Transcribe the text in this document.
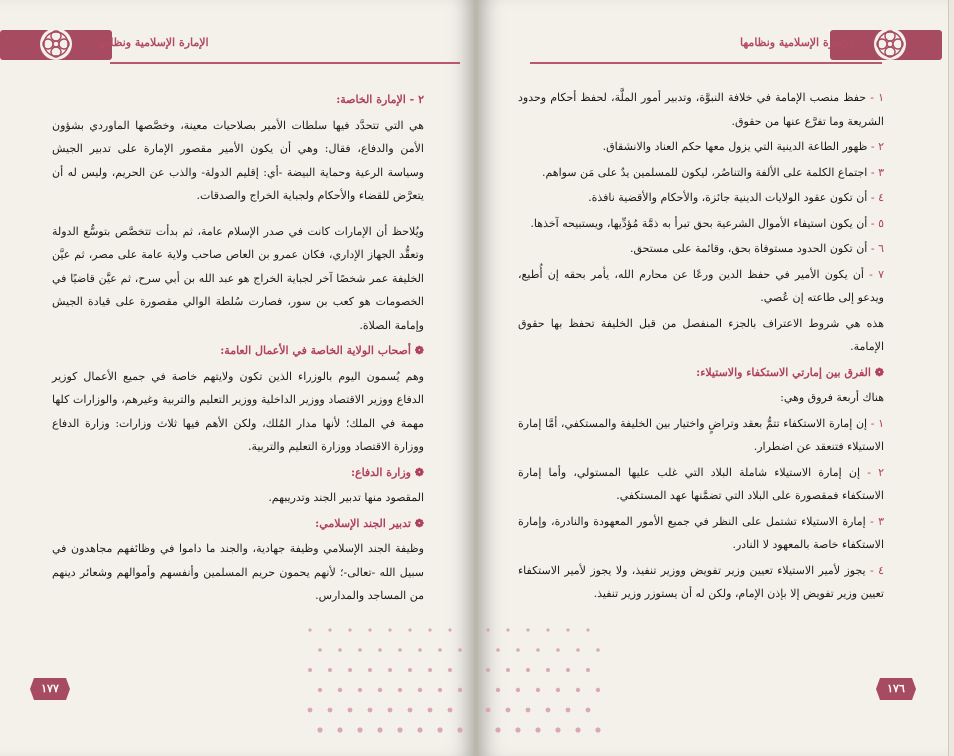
الإمارة الإسلامية ونظامها

٢ - الإمارة الخاصة:

هي التي تتحدَّد فيها سلطات الأمير بصلاحيات معينة، وخصَّصها الماوردي بشؤون الأمن والدفاع، فقال: وهي أن يكون الأمير مقصور الإمارة على تدبير الجيش وسياسة الرعية وحماية البيضة -أي: إقليم الدولة- والذب عن الحريم، وليس له أن يتعرَّض للقضاء والأحكام ولجباية الخراج والصدقات.

ويُلاحظ أن الإمارات كانت في صدر الإسلام عامة، ثم بدأت تتخصَّص بتوسُّع الدولة وتعقُّد الجهاز الإداري، فكان عمرو بن العاص صاحب ولاية عامة على مصر، ثم عيَّن الخليفة عمر شخصًا آخر لجباية الخراج هو عبد الله بن أبي سرح، ثم عيَّن قاضيًا في الخصومات هو كعب بن سور، فصارت سُلطة الوالي مقصورة على قيادة الجيش وإمامة الصلاة.

❁ أصحاب الولاية الخاصة في الأعمال العامة:

وهم يُسمون اليوم بالوزراء الذين تكون ولايتهم خاصة في جميع الأعمال كوزير الدفاع ووزير الاقتصاد ووزير الداخلية ووزير التعليم والتربية وغيرهم، والوزارات كلها مهمة في الملك؛ لأنها مدار المُلك، ولكن الأهم فيها ثلاث وزارات: وزارة الدفاع ووزارة الاقتصاد ووزارة التعليم والتربية.

❁ وزارة الدفاع:

المقصود منها تدبير الجند وتدريبهم.

❁ تدبير الجند الإسلامي:

وظيفة الجند الإسلامي وظيفة جهادية، والجند ما داموا في وظائفهم مجاهدون في سبيل الله -تعالى-؛ لأنهم يحمون حريم المسلمين وأنفسهم وأموالهم وشعائر دينهم من المساجد والمدارس.

١٧٧
الإمارة الإسلامية ونظامها

١ - حفظ منصب الإمامة في خلافة النبوَّة، وتدبير أمور الملَّة، لحفظ أحكام وحدود الشريعة وما تفرَّع عنها من حقوق.

٢ - ظهور الطاعة الدينية التي يزول معها حكم العناد والانشقاق.

٣ - اجتماع الكلمة على الألفة والتناصُر، ليكون للمسلمين يدٌ على مَن سواهم.

٤ - أن تكون عقود الولايات الدينية جائزة، والأحكام والأقضية نافذة.

٥ - أن يكون استيفاء الأموال الشرعية بحق تبرأ به ذمَّة مُؤدِّيها، ويستبيحه آخذها.

٦ - أن تكون الحدود مستوفاة بحق، وقائمة على مستحق.

٧ - أن يكون الأمير في حفظ الدين ورعًا عن محارم الله، يأمر بحقه إن أُطيع، ويدعو إلى طاعته إن عُصي.

هذه هي شروط الاعتراف بالجزء المنفصل من قبل الخليفة تحفظ بها حقوق الإمامة.

❁ الفرق بين إمارتي الاستكفاء والاستيلاء:

هناك أربعة فروق وهي:

١ - إن إمارة الاستكفاء تتمُّ بعقد وتراضٍ واختيار بين الخليفة والمستكفي، أمَّا إمارة الاستيلاء فتنعقد عن اضطرار.

٢ - إن إمارة الاستيلاء شاملة البلاد التي غلب عليها المستولي، وأما إمارة الاستكفاء فمقصورة على البلاد التي تضمَّنها عهد المستكفي.

٣ - إمارة الاستيلاء تشتمل على النظر في جميع الأمور المعهودة والنادرة، وإمارة الاستكفاء خاصة بالمعهود لا النادر.

٤ - يجوز لأمير الاستيلاء تعيين وزير تفويض ووزير تنفيذ، ولا يجوز لأمير الاستكفاء تعيين وزير تفويض إلا بإذن الإمام، ولكن له أن يستوزر وزير تنفيذ.

١٧٦
